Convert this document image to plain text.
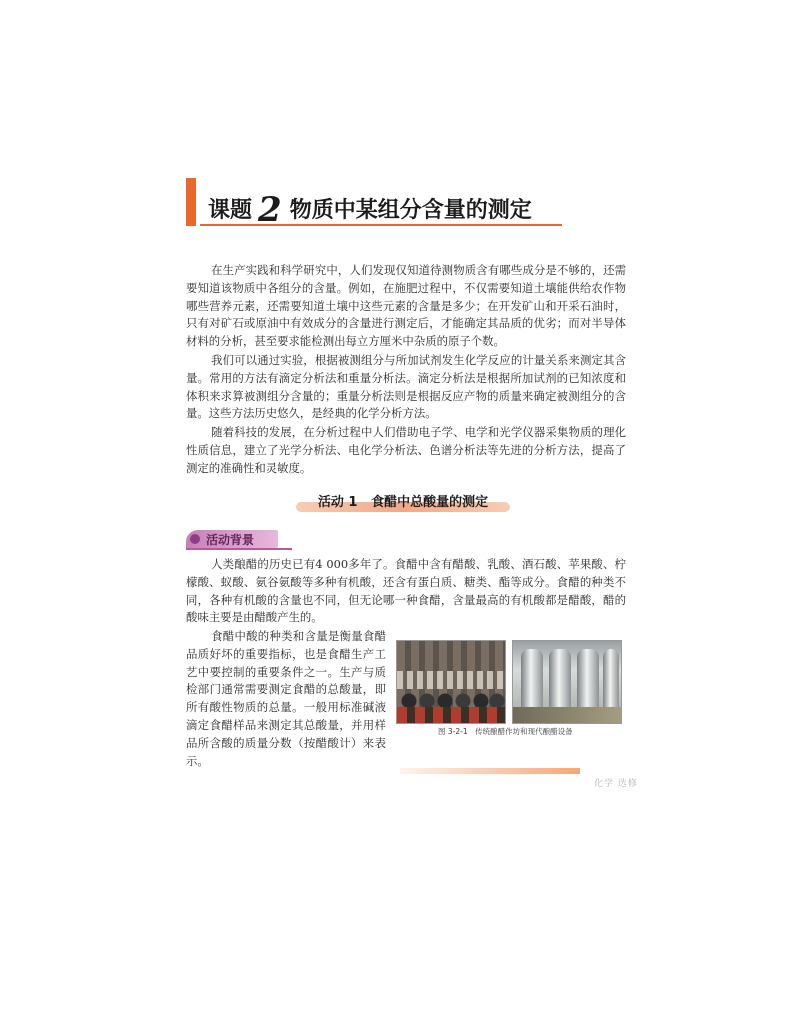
课题 2 物质中某组分含量的测定

在生产实践和科学研究中，人们发现仅知道待测物质含有哪些成分是不够的，还需要知道该物质中各组分的含量。例如，在施肥过程中，不仅需要知道土壤能供给农作物哪些营养元素，还需要知道土壤中这些元素的含量是多少；在开发矿山和开采石油时，只有对矿石或原油中有效成分的含量进行测定后，才能确定其品质的优劣；而对半导体材料的分析，甚至要求能检测出每立方厘米中杂质的原子个数。

我们可以通过实验，根据被测组分与所加试剂发生化学反应的计量关系来测定其含量。常用的方法有滴定分析法和重量分析法。滴定分析法是根据所加试剂的已知浓度和体积来求算被测组分含量的；重量分析法则是根据反应产物的质量来确定被测组分的含量。这些方法历史悠久，是经典的化学分析方法。

随着科技的发展，在分析过程中人们借助电子学、电学和光学仪器采集物质的理化性质信息，建立了光学分析法、电化学分析法、色谱分析法等先进的分析方法，提高了测定的准确性和灵敏度。

活动 1 食醋中总酸量的测定
活动背景

人类酿醋的历史已有4 000多年了。食醋中含有醋酸、乳酸、酒石酸、苹果酸、柠檬酸、蚁酸、氨谷氨酸等多种有机酸，还含有蛋白质、糖类、酯等成分。食醋的种类不同，各种有机酸的含量也不同，但无论哪一种食醋，含量最高的有机酸都是醋酸，醋的酸味主要是由醋酸产生的。

食醋中酸的种类和含量是衡量食醋品质好坏的重要指标，也是食醋生产工艺中要控制的重要条件之一。生产与质检部门通常需要测定食醋的总酸量，即所有酸性物质的总量。一般用标准碱液滴定食醋样品来测定其总酸量，并用样品所含酸的质量分数（按醋酸计）来表示。

图 3-2-1　传统酿醋作坊和现代酿醋设备
化学 选修
